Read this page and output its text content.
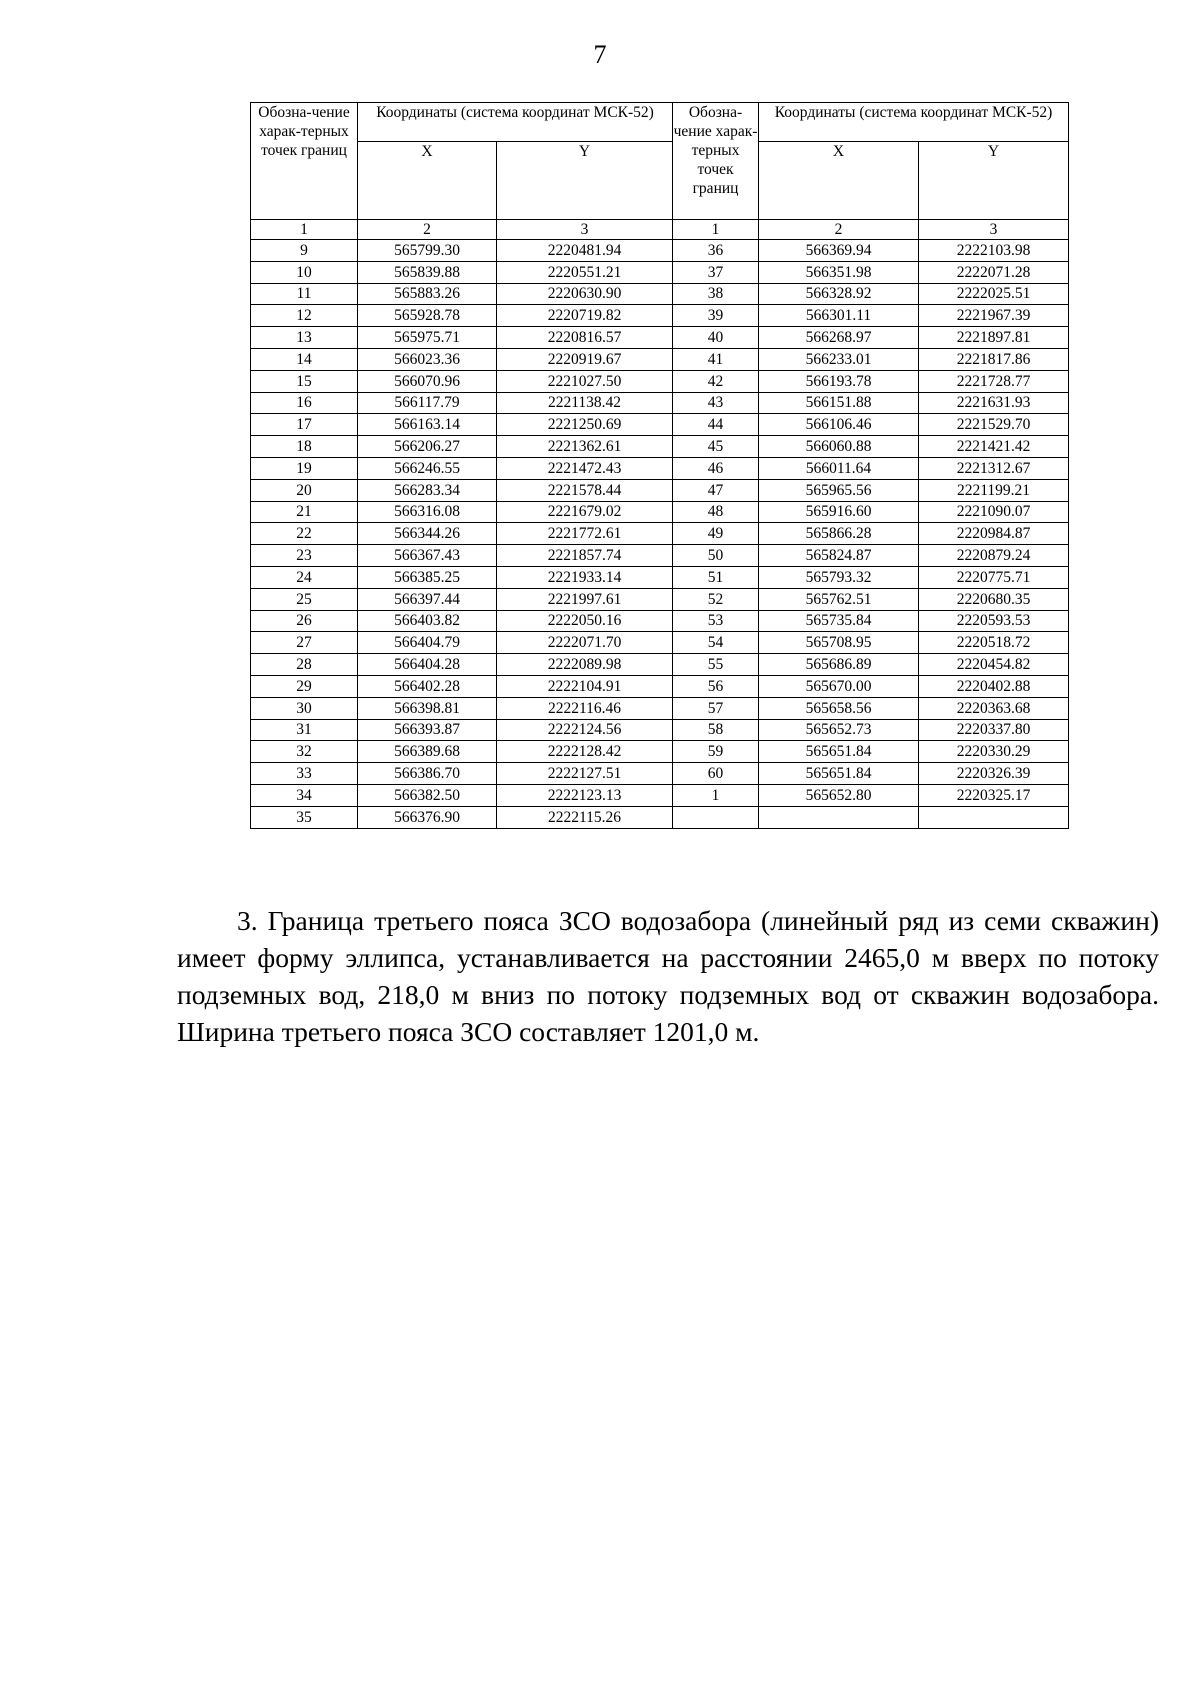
7
Обозна-чение харак-терных точек границ	Координаты (система координат МСК-52)		Обозна-чение харак-терных точек границ	Координаты (система координат МСК-52)	
	X	Y		X	Y
1	2	3	1	2	3
9	565799.30	2220481.94	36	566369.94	2222103.98
10	565839.88	2220551.21	37	566351.98	2222071.28
11	565883.26	2220630.90	38	566328.92	2222025.51
12	565928.78	2220719.82	39	566301.11	2221967.39
13	565975.71	2220816.57	40	566268.97	2221897.81
14	566023.36	2220919.67	41	566233.01	2221817.86
15	566070.96	2221027.50	42	566193.78	2221728.77
16	566117.79	2221138.42	43	566151.88	2221631.93
17	566163.14	2221250.69	44	566106.46	2221529.70
18	566206.27	2221362.61	45	566060.88	2221421.42
19	566246.55	2221472.43	46	566011.64	2221312.67
20	566283.34	2221578.44	47	565965.56	2221199.21
21	566316.08	2221679.02	48	565916.60	2221090.07
22	566344.26	2221772.61	49	565866.28	2220984.87
23	566367.43	2221857.74	50	565824.87	2220879.24
24	566385.25	2221933.14	51	565793.32	2220775.71
25	566397.44	2221997.61	52	565762.51	2220680.35
26	566403.82	2222050.16	53	565735.84	2220593.53
27	566404.79	2222071.70	54	565708.95	2220518.72
28	566404.28	2222089.98	55	565686.89	2220454.82
29	566402.28	2222104.91	56	565670.00	2220402.88
30	566398.81	2222116.46	57	565658.56	2220363.68
31	566393.87	2222124.56	58	565652.73	2220337.80
32	566389.68	2222128.42	59	565651.84	2220330.29
33	566386.70	2222127.51	60	565651.84	2220326.39
34	566382.50	2222123.13	1	565652.80	2220325.17
35	566376.90	2222115.26			

3. Граница третьего пояса ЗСО водозабора (линейный ряд из семи скважин) имеет форму эллипса, устанавливается на расстоянии 2465,0 м вверх по потоку подземных вод, 218,0 м вниз по потоку подземных вод от скважин водозабора. Ширина третьего пояса ЗСО составляет 1201,0 м.
